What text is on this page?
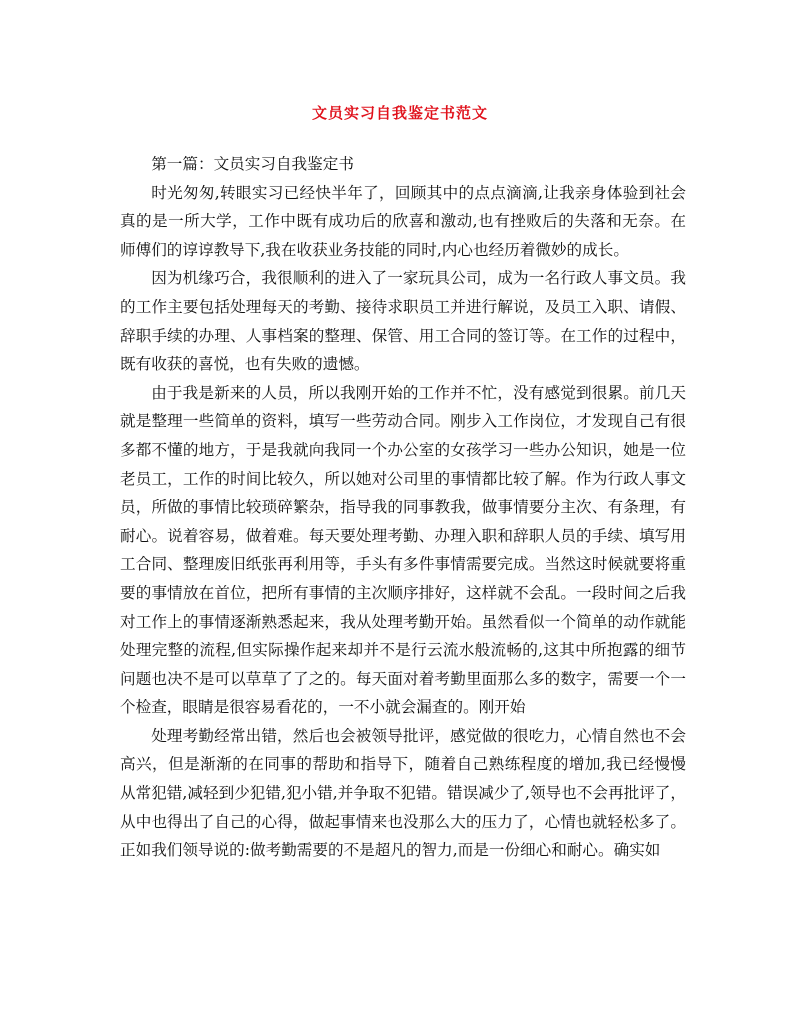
文员实习自我鉴定书范文

第一篇：文员实习自我鉴定书

时光匆匆,转眼实习已经快半年了，回顾其中的点点滴滴,让我亲身体验到社会真的是一所大学，工作中既有成功后的欣喜和激动,也有挫败后的失落和无奈。在师傅们的谆谆教导下,我在收获业务技能的同时,内心也经历着微妙的成长。

因为机缘巧合，我很顺利的进入了一家玩具公司，成为一名行政人事文员。我的工作主要包括处理每天的考勤、接待求职员工并进行解说，及员工入职、请假、辞职手续的办理、人事档案的整理、保管、用工合同的签订等。在工作的过程中，既有收获的喜悦，也有失败的遗憾。

由于我是新来的人员，所以我刚开始的工作并不忙，没有感觉到很累。前几天就是整理一些简单的资料，填写一些劳动合同。刚步入工作岗位，才发现自己有很多都不懂的地方，于是我就向我同一个办公室的女孩学习一些办公知识，她是一位老员工，工作的时间比较久，所以她对公司里的事情都比较了解。作为行政人事文员，所做的事情比较琐碎繁杂，指导我的同事教我，做事情要分主次、有条理，有耐心。说着容易，做着难。每天要处理考勤、办理入职和辞职人员的手续、填写用工合同、整理废旧纸张再利用等，手头有多件事情需要完成。当然这时候就要将重要的事情放在首位，把所有事情的主次顺序排好，这样就不会乱。一段时间之后我对工作上的事情逐渐熟悉起来，我从处理考勤开始。虽然看似一个简单的动作就能处理完整的流程,但实际操作起来却并不是行云流水般流畅的,这其中所抱露的细节问题也决不是可以草草了了之的。每天面对着考勤里面那么多的数字，需要一个一个检查，眼睛是很容易看花的，一不小就会漏查的。刚开始

处理考勤经常出错，然后也会被领导批评，感觉做的很吃力，心情自然也不会高兴，但是渐渐的在同事的帮助和指导下，随着自己熟练程度的增加,我已经慢慢从常犯错,减轻到少犯错,犯小错,并争取不犯错。错误减少了,领导也不会再批评了，从中也得出了自己的心得，做起事情来也没那么大的压力了，心情也就轻松多了。正如我们领导说的:做考勤需要的不是超凡的智力,而是一份细心和耐心。确实如
